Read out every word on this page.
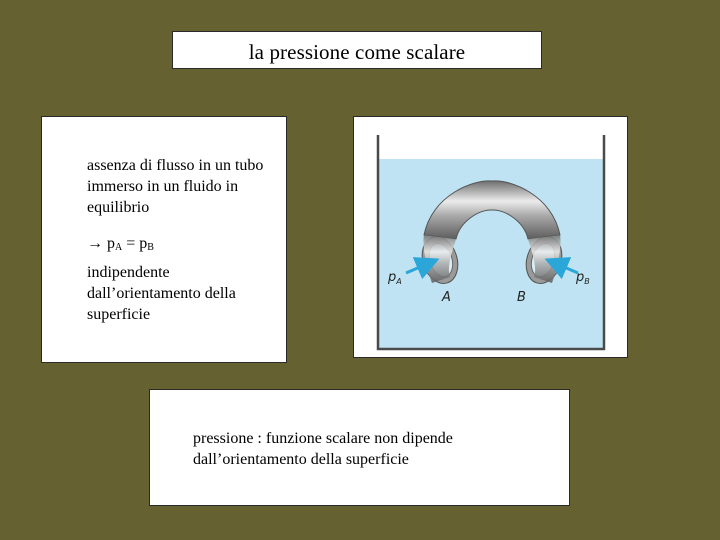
la pressione come scalare
assenza di flusso in un tubo immerso in un fluido in equilibrio
→ $p_A = p_B$
indipendente dall’orientamento della superficie
$p_A$	$p_B$
A	B
pressione : funzione scalare non dipende dall’orientamento della superficie
